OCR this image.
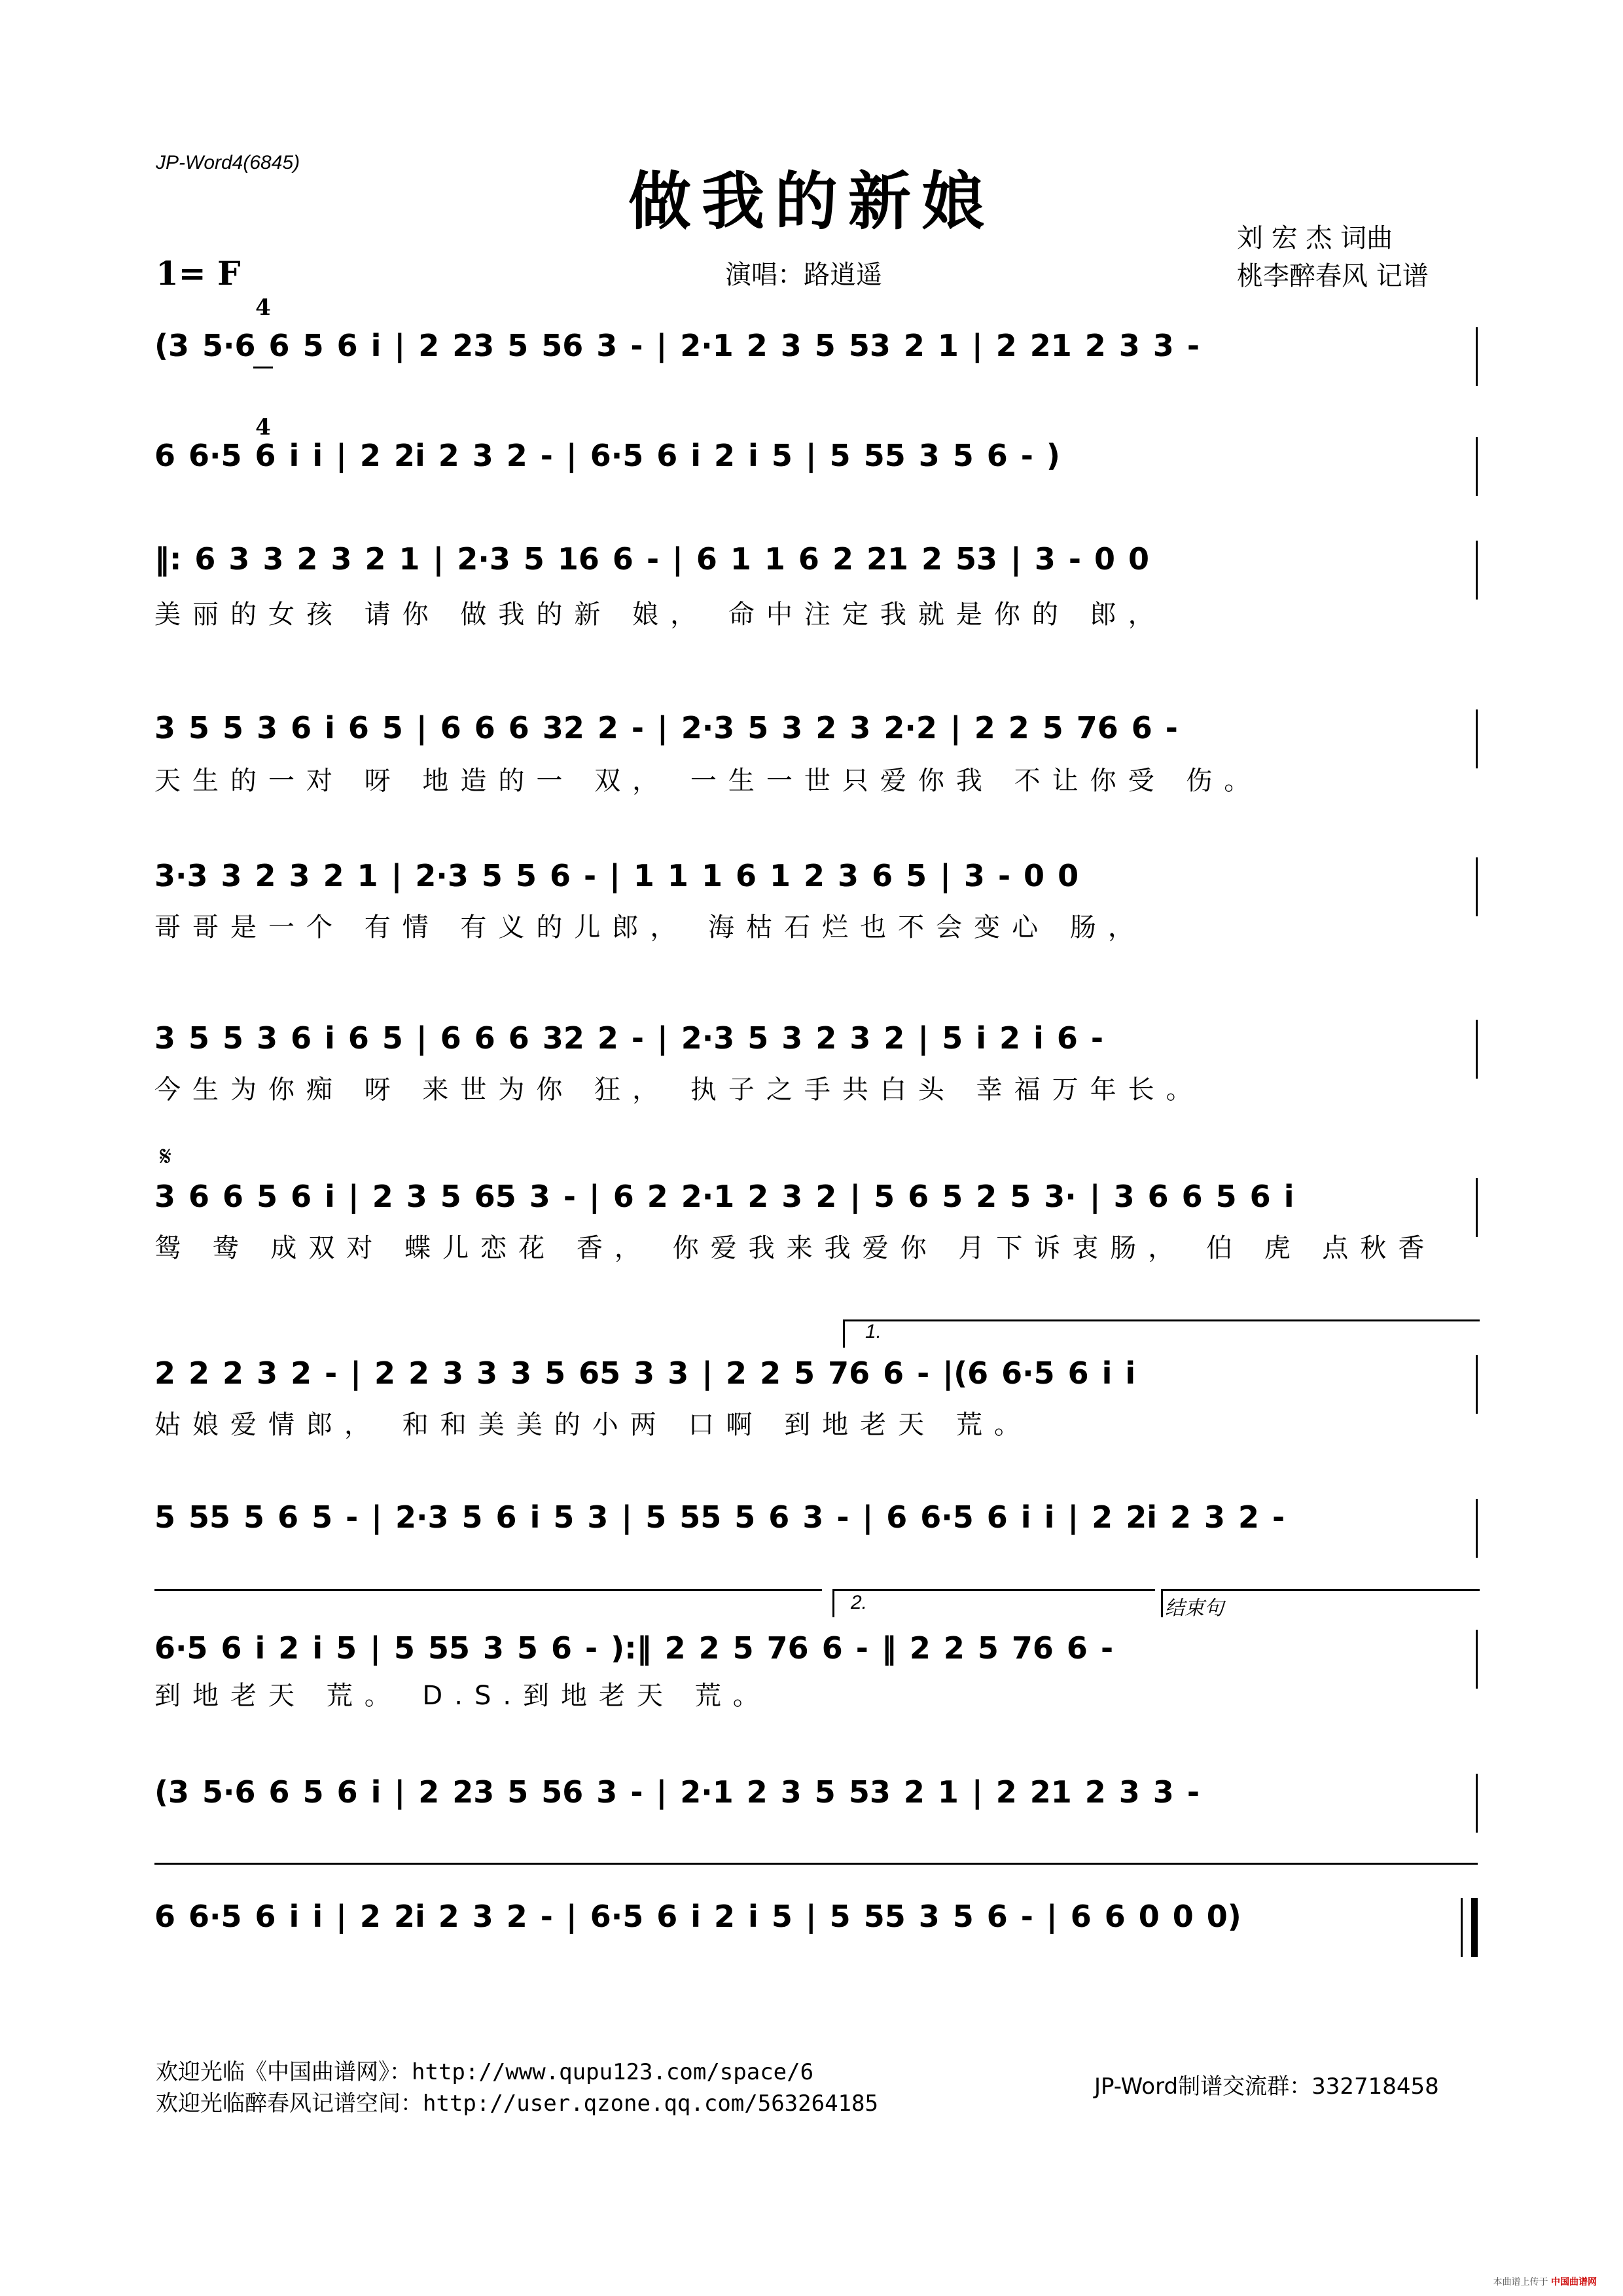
JP-Word4(6845)
做我的新娘	刘 宏 杰 词曲
桃李醉春风 记谱
1= F

4

4

演唱：路逍遥
(3 5·6 6 5 6 i | 2 23 5 56 3 - | 2·1 2 3 5 53 2 1 | 2 21 2 3 3 -
6 6·5 6 i i | 2 2i 2 3 2 - | 6·5 6 i 2 i 5 | 5 55 3 5 6 - )
‖: 6 3 3 2 3 2 1 | 2·3 5 16 6 - | 6 1 1 6 2 21 2 53 | 3 - 0 0
美丽的女孩 请你 做我的新 娘， 命中注定我就是你的 郎，
3 5 5 3 6 i 6 5 | 6 6 6 32 2 - | 2·3 5 3 2 3 2·2 | 2 2 5 76 6 -
天生的一对 呀 地造的一 双， 一生一世只爱你我 不让你受 伤。
3·3 3 2 3 2 1 | 2·3 5 5 6 - | 1 1 1 6 1 2 3 6 5 | 3 - 0 0
哥哥是一个 有情 有义的儿郎， 海枯石烂也不会变心 肠，
3 5 5 3 6 i 6 5 | 6 6 6 32 2 - | 2·3 5 3 2 3 2 | 5 i 2 i 6 -
今生为你痴 呀 来世为你 狂， 执子之手共白头 幸福万年长。
𝄋
3 6 6 5 6 i | 2 3 5 65 3 - | 6 2 2·1 2 3 2 | 5 6 5 2 5 3· | 3 6 6 5 6 i
鸳 鸯 成双对 蝶儿恋花 香， 你爱我来我爱你 月下诉衷肠， 伯 虎 点秋香
1.
2 2 2 3 2 - | 2 2 3 3 3 5 65 3 3 | 2 2 5 76 6 - |(6 6·5 6 i i
姑娘爱情郎， 和和美美的小两 口啊 到地老天 荒。
5 55 5 6 5 - | 2·3 5 6 i 5 3 | 5 55 5 6 3 - | 6 6·5 6 i i | 2 2i 2 3 2 -
2.	结束句
6·5 6 i 2 i 5 | 5 55 3 5 6 - ):‖ 2 2 5 76 6 - ‖ 2 2 5 76 6 -
到地老天 荒。 D.S.到地老天 荒。
(3 5·6 6 5 6 i | 2 23 5 56 3 - | 2·1 2 3 5 53 2 1 | 2 21 2 3 3 -
6 6·5 6 i i | 2 2i 2 3 2 - | 6·5 6 i 2 i 5 | 5 55 3 5 6 - | 6 6 0 0 0)
欢迎光临《中国曲谱网》：http://www.qupu123.com/space/6
欢迎光临醉春风记谱空间：http://user.qzone.qq.com/563264185
JP-Word制谱交流群：332718458
本曲谱上传于 中国曲谱网
